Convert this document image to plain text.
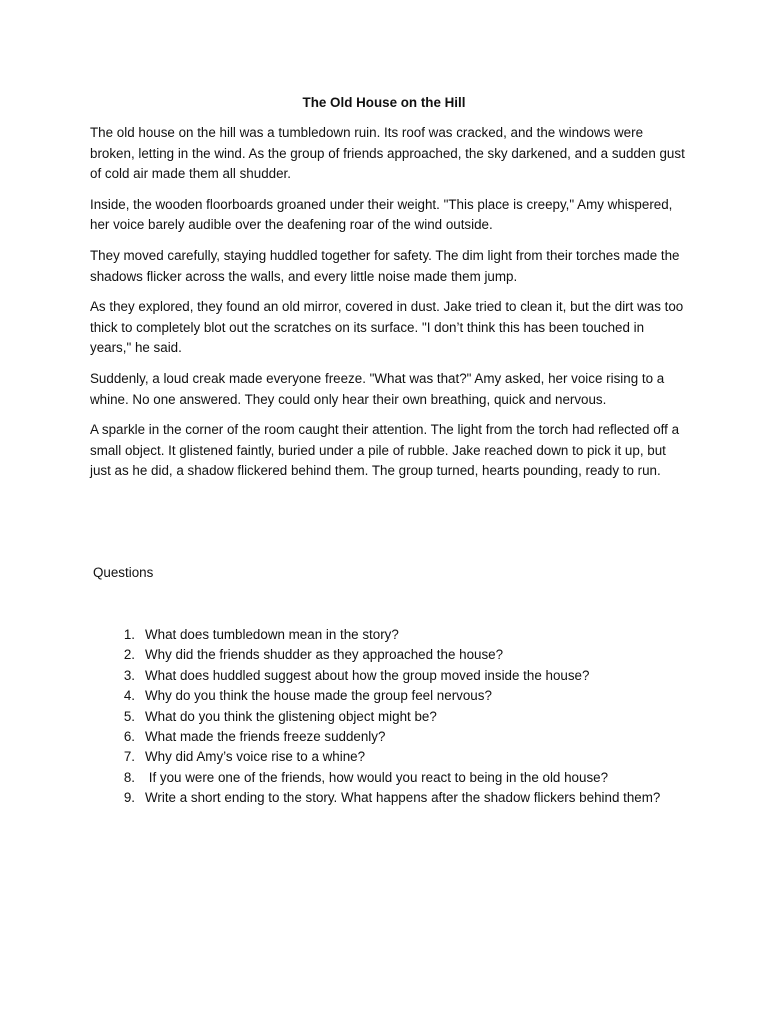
The Old House on the Hill

The old house on the hill was a tumbledown ruin. Its roof was cracked, and the windows were broken, letting in the wind. As the group of friends approached, the sky darkened, and a sudden gust of cold air made them all shudder.

Inside, the wooden floorboards groaned under their weight. "This place is creepy," Amy whispered, her voice barely audible over the deafening roar of the wind outside.

They moved carefully, staying huddled together for safety. The dim light from their torches made the shadows flicker across the walls, and every little noise made them jump.

As they explored, they found an old mirror, covered in dust. Jake tried to clean it, but the dirt was too thick to completely blot out the scratches on its surface. "I don’t think this has been touched in years," he said.

Suddenly, a loud creak made everyone freeze. "What was that?" Amy asked, her voice rising to a whine. No one answered. They could only hear their own breathing, quick and nervous.

A sparkle in the corner of the room caught their attention. The light from the torch had reflected off a small object. It glistened faintly, buried under a pile of rubble. Jake reached down to pick it up, but just as he did, a shadow flickered behind them. The group turned, hearts pounding, ready to run.

Questions

1. What does tumbledown mean in the story?
2. Why did the friends shudder as they approached the house?
3. What does huddled suggest about how the group moved inside the house?
4. Why do you think the house made the group feel nervous?
5. What do you think the glistening object might be?
6. What made the friends freeze suddenly?
7. Why did Amy’s voice rise to a whine?
8. If you were one of the friends, how would you react to being in the old house?
9. Write a short ending to the story. What happens after the shadow flickers behind them?
